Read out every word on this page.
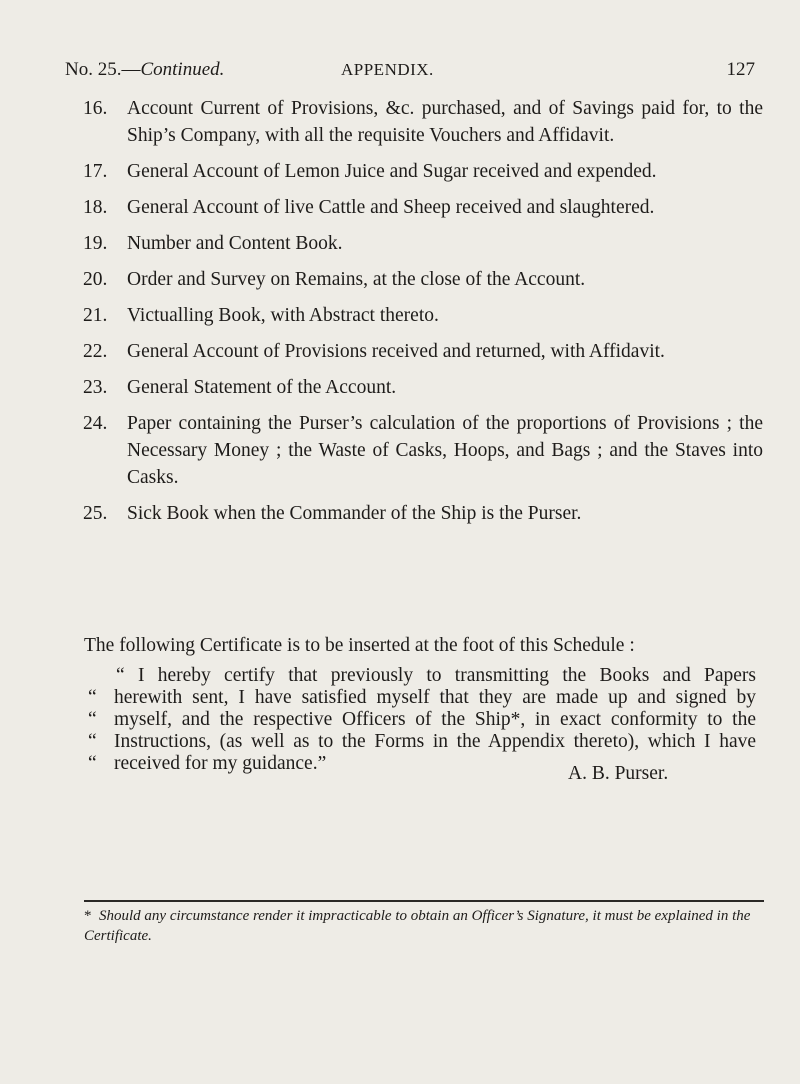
No. 25.—Continued.	APPENDIX.	127
16. Account Current of Provisions, &c. purchased, and of Savings paid for, to the Ship’s Company, with all the requisite Vouchers and Affidavit.
17. General Account of Lemon Juice and Sugar received and expended.
18. General Account of live Cattle and Sheep received and slaughtered.
19. Number and Content Book.
20. Order and Survey on Remains, at the close of the Account.
21. Victualling Book, with Abstract thereto.
22. General Account of Provisions received and returned, with Affidavit.
23. General Statement of the Account.
24. Paper containing the Purser’s calculation of the proportions of Provisions ; the Necessary Money ; the Waste of Casks, Hoops, and Bags ; and the Staves into Casks.
25. Sick Book when the Commander of the Ship is the Purser.
The following Certificate is to be inserted at the foot of this Schedule :
“ I hereby certify that previously to transmitting the Books and Papers
“ herewith sent, I have satisfied myself that they are made up and signed by
“ myself, and the respective Officers of the Ship*, in exact conformity to the
“ Instructions, (as well as to the Forms in the Appendix thereto), which I have
“ received for my guidance.”	A. B. Purser.
* Should any circumstance render it impracticable to obtain an Officer’s Signature, it must be explained in the Certificate.
